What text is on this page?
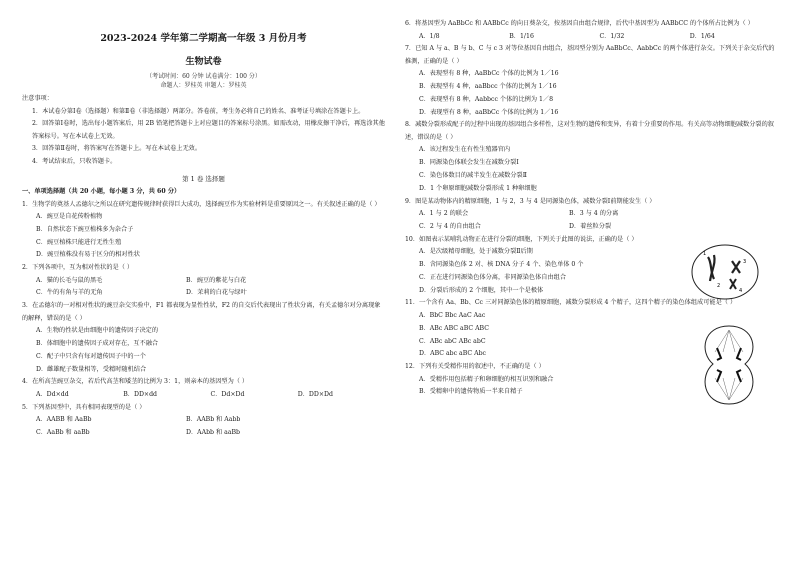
2023-2024 学年第二学期高一年级 3 月份月考
生物试卷
（考试时间：60 分钟 试卷满分：100 分）
命题人：罗桂英 审题人：罗桂英

注意事项：

1．本试卷分第Ⅰ卷（选择题）和第Ⅱ卷（非选择题）两部分。答卷前，考生务必将自己的姓名、准考证号填涂在答题卡上。

2．回答第Ⅰ卷时，选出每小题答案后，用 2B 铅笔把答题卡上对应题目的答案标号涂黑。如需改动，用橡皮擦干净后，再选涂其他答案标号。写在本试卷上无效。

3．回答第Ⅱ卷时，将答案写在答题卡上。写在本试卷上无效。

4．考试结束后，只收答题卡。

第 1 卷 选择题

一、单项选择题（共 20 小题，每小题 3 分，共 60 分）

1．生物学的奠基人孟德尔之所以在研究遗传规律时获得巨大成功，选择豌豆作为实验材料是重要原因之一。有关叙述正确的是（ ）

A．豌豆是自花传粉植物

B．自然状态下豌豆植株多为杂合子

C．豌豆植株只能进行无性生殖

D．豌豆植株没有易于区分的相对性状

2．下列各项中，互为相对性状的是（ ）

A．猫的长毛与鼠的黑毛	B．豌豆的紫花与白花
C．牛的有角与羊的无角	D．茉莉的白花与绿叶

3．在孟德尔的一对相对性状的豌豆杂交实验中，F1 都表现为显性性状，F2 的自交后代表现出了性状分离，有关孟德尔对分离现象的解释，错误的是（ ）

A．生物的性状是由细胞中的遗传因子决定的

B．体细胞中的遗传因子成对存在，互不融合

C．配子中只含有每对遗传因子中的一个

D．雌雄配子数量相等，受精时随机结合

4．在所高茎豌豆杂交，若后代高茎和矮茎的比例为 3：1，则亲本的基因型为（ ）

A．Dd×dd	B．DD×dd	C．Dd×Dd	D．DD×Dd

5．下列基因型中，具有相同表现型的是（ ）

A．AABB 和 AaBb	B．AABb 和 Aabb
C．AaBb 和 aaBb	D．AAbb 和 aaBb

6．将基因型为 AaBbCc 和 AABbCc 的向日葵杂交，按基因自由组合规律，后代中基因型为 AABbCC 的个体所占比例为（ ）

A．1/8	B．1/16	C．1/32	D．1/64

7．已知 A 与 a、B 与 b、C 与 c 3 对等位基因自由组合，基因型分别为 AaBbCc、AabbCc 的两个体进行杂交。下列关于杂交后代的推测，正确的是（ ）

A．表现型有 8 种，AaBbCc 个体的比例为 1／16

B．表现型有 4 种，aaBbcc 个体的比例为 1／16

C．表现型有 8 种，Aabbcc 个体的比例为 1／8

D．表现型有 8 种，aaBbCc 个体的比例为 1／16

8．减数分裂形成配子的过程中出现的基因组合多样性，这对生物的遗传和变异，有着十分重要的作用。有关高等动物细胞减数分裂的叙述，错误的是（ ）

A．该过程发生在有性生殖器官内

B．同源染色体联会发生在减数分裂Ⅰ

C．染色体数目的减半发生在减数分裂Ⅱ

D．1 个卵原细胞减数分裂形成 1 种卵细胞

9．图是某动物体内的精原细胞，1 与 2，3 与 4 是同源染色体，减数分裂Ⅰ前期能发生（ ）

A．1 与 2 的联会	B．3 与 4 的分离
C．2 与 4 的自由组合	D．着丝粒分裂

10．如图表示某哺乳动物正在进行分裂的细胞，下列关于此图的说法，正确的是（ ）

A．是次级精母细胞，处于减数分裂Ⅱ后期

B．含同源染色体 2 对、核 DNA 分子 4 个、染色单体 0 个

C．正在进行同源染色体分离，非同源染色体自由组合

D．分裂后形成的 2 个细胞，其中一个是极体

11．一个含有 Aa、Bb、Cc 三对同源染色体的精原细胞，减数分裂形成 4 个精子，这四个精子的染色体组成可能是（ ）

A．BbC Bbc AaC Aac

B．ABc ABC aBC ABC

C．ABc abC ABc abC

D．ABC abc aBC Abc

12．下列有关受精作用的叙述中，不正确的是（ ）

A．受精作用包括精子和卵细胞的相互识别和融合

B．受精卵中的遗传物质一半来自精子

1
2
3
4
